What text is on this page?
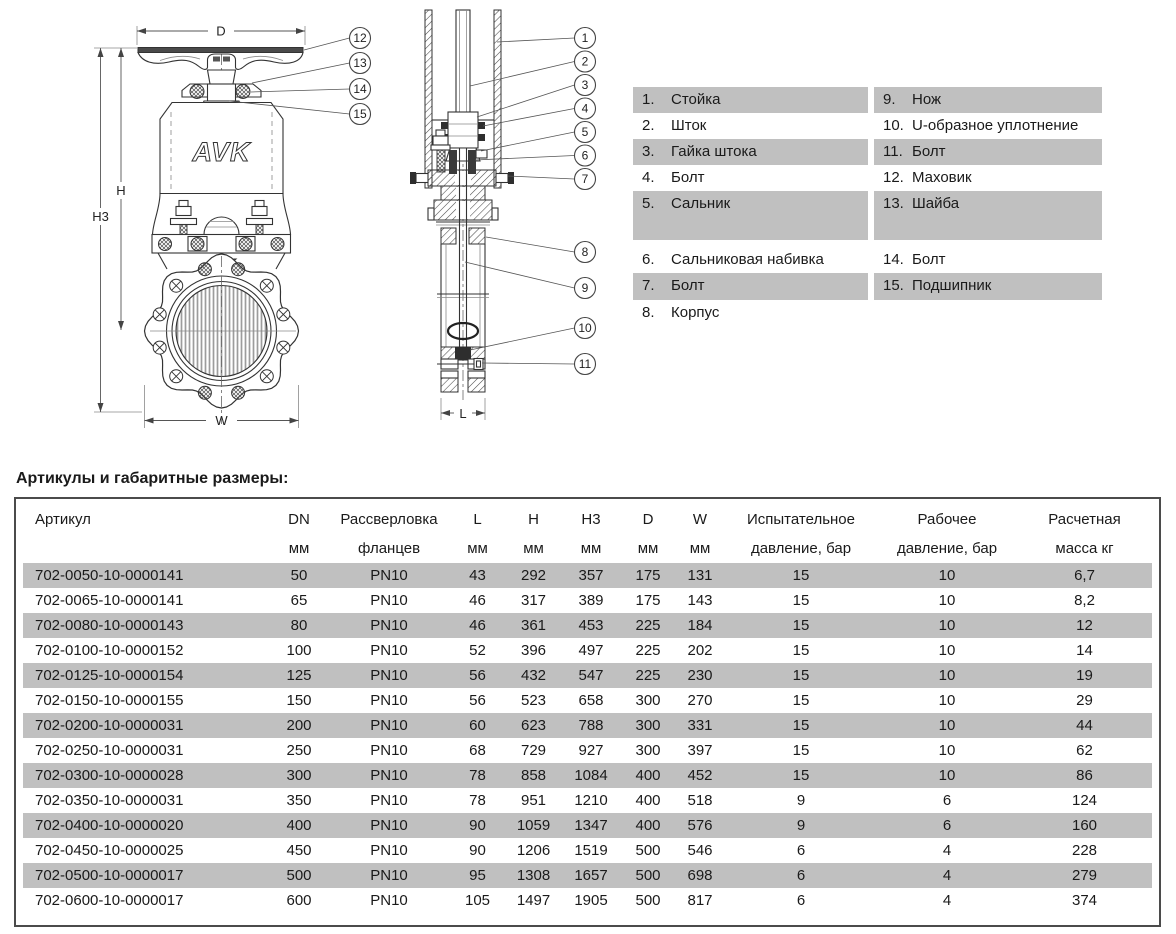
D
H3
H
AVK
W	L
1
2
3
4
5
6
7
8
9
10
11
12
13
14
15
1.	Стойка	9.	Нож
2.	Шток	10. U-образное уплотнение
3.	Гайка штока	11. Болт
4.	Болт	12. Маховик
5.	Сальник	13. Шайба
6.	Сальниковая набивка	14. Болт
7.	Болт	15. Подшипник
8.	Корпус
Артикулы и габаритные размеры:
Артикул	DN	Рассверловка	L	H	H3	D	W	Испытательное	Рабочее	Расчетная
	мм	фланцев	мм	мм	мм	мм	мм	давление, бар	давление, бар	масса кг
702-0050-10-0000141	50	PN10	43	292	357	175	131	15	10	6,7
702-0065-10-0000141	65	PN10	46	317	389	175	143	15	10	8,2
702-0080-10-0000143	80	PN10	46	361	453	225	184	15	10	12
702-0100-10-0000152	100	PN10	52	396	497	225	202	15	10	14
702-0125-10-0000154	125	PN10	56	432	547	225	230	15	10	19
702-0150-10-0000155	150	PN10	56	523	658	300	270	15	10	29
702-0200-10-0000031	200	PN10	60	623	788	300	331	15	10	44
702-0250-10-0000031	250	PN10	68	729	927	300	397	15	10	62
702-0300-10-0000028	300	PN10	78	858	1084	400	452	15	10	86
702-0350-10-0000031	350	PN10	78	951	1210	400	518	9	6	124
702-0400-10-0000020	400	PN10	90	1059	1347	400	576	9	6	160
702-0450-10-0000025	450	PN10	90	1206	1519	500	546	6	4	228
702-0500-10-0000017	500	PN10	95	1308	1657	500	698	6	4	279
702-0600-10-0000017	600	PN10	105	1497	1905	500	817	6	4	374
